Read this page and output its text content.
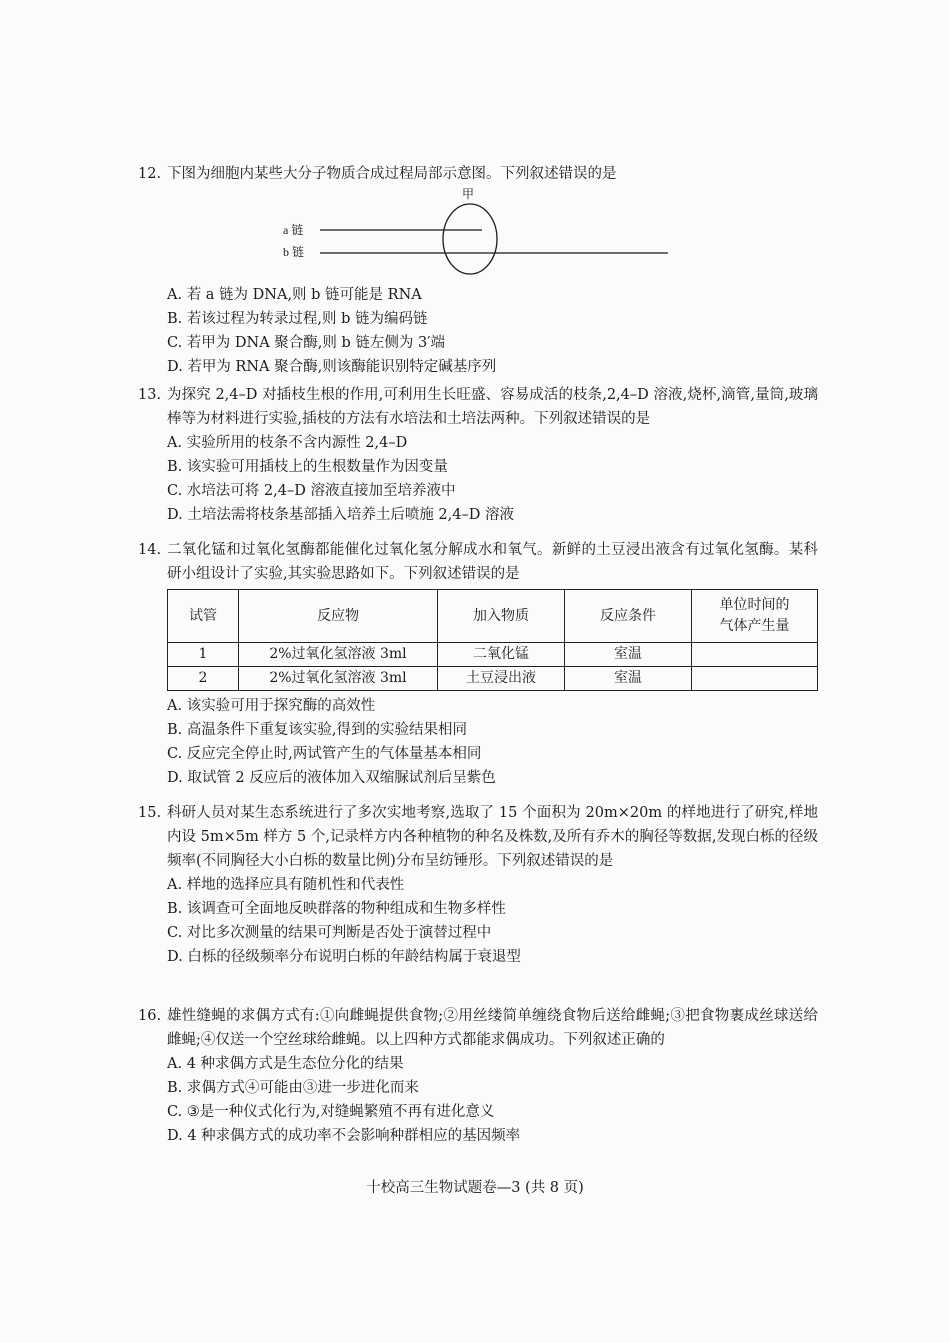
12. 下图为细胞内某些大分子物质合成过程局部示意图。下列叙述错误的是
甲
a 链
b 链
A. 若 a 链为 DNA,则 b 链可能是 RNA
B. 若该过程为转录过程,则 b 链为编码链
C. 若甲为 DNA 聚合酶,则 b 链左侧为 3′端
D. 若甲为 RNA 聚合酶,则该酶能识别特定碱基序列
13. 为探究 2,4–D 对插枝生根的作用,可利用生长旺盛、容易成活的枝条,2,4–D 溶液,烧杯,滴管,量筒,玻璃棒等为材料进行实验,插枝的方法有水培法和土培法两种。下列叙述错误的是
A. 实验所用的枝条不含内源性 2,4–D
B. 该实验可用插枝上的生根数量作为因变量
C. 水培法可将 2,4–D 溶液直接加至培养液中
D. 土培法需将枝条基部插入培养土后喷施 2,4–D 溶液
14. 二氧化锰和过氧化氢酶都能催化过氧化氢分解成水和氧气。新鲜的土豆浸出液含有过氧化氢酶。某科研小组设计了实验,其实验思路如下。下列叙述错误的是
试管	反应物	加入物质	反应条件	单位时间的气体产生量
1	2%过氧化氢溶液 3ml	二氧化锰	室温	
2	2%过氧化氢溶液 3ml	土豆浸出液	室温	
A. 该实验可用于探究酶的高效性
B. 高温条件下重复该实验,得到的实验结果相同
C. 反应完全停止时,两试管产生的气体量基本相同
D. 取试管 2 反应后的液体加入双缩脲试剂后呈紫色
15. 科研人员对某生态系统进行了多次实地考察,选取了 15 个面积为 20m×20m 的样地进行了研究,样地内设 5m×5m 样方 5 个,记录样方内各种植物的种名及株数,及所有乔木的胸径等数据,发现白栎的径级频率(不同胸径大小白栎的数量比例)分布呈纺锤形。下列叙述错误的是
A. 样地的选择应具有随机性和代表性
B. 该调查可全面地反映群落的物种组成和生物多样性
C. 对比多次测量的结果可判断是否处于演替过程中
D. 白栎的径级频率分布说明白栎的年龄结构属于衰退型
16. 雄性缝蝇的求偶方式有:①向雌蝇提供食物;②用丝缕简单缠绕食物后送给雌蝇;③把食物裹成丝球送给雌蝇;④仅送一个空丝球给雌蝇。以上四种方式都能求偶成功。下列叙述正确的
A. 4 种求偶方式是生态位分化的结果
B. 求偶方式④可能由③进一步进化而来
C. ③是一种仪式化行为,对缝蝇繁殖不再有进化意义
D. 4 种求偶方式的成功率不会影响种群相应的基因频率
十校高三生物试题卷—3 (共 8 页)
